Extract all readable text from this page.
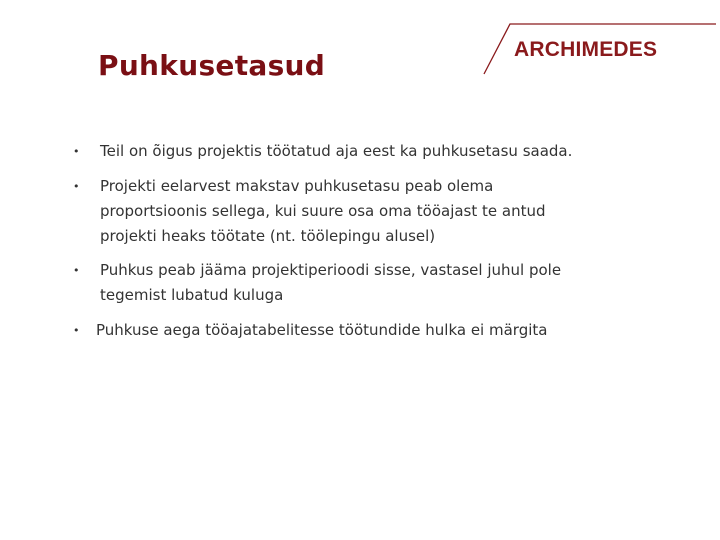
Puhkusetasud	ARCHIMEDES
• Teil on õigus projektis töötatud aja eest ka puhkusetasu saada.
• Projekti eelarvest makstav puhkusetasu peab olema
proportsioonis sellega, kui suure osa oma tööajast te antud
projekti heaks töötate (nt. töölepingu alusel)
• Puhkus peab jääma projektiperioodi sisse, vastasel juhul pole
tegemist lubatud kuluga
• Puhkuse aega tööajatabelitesse töötundide hulka ei märgita
